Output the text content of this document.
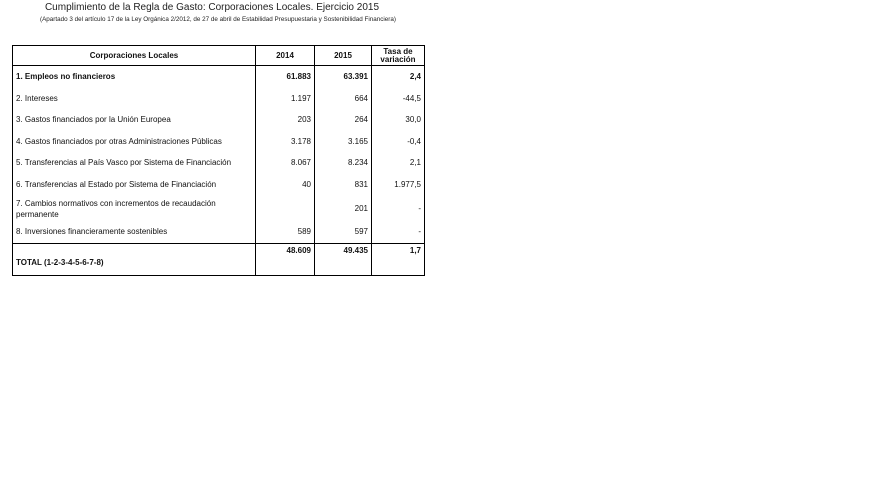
Cumplimiento de la Regla de Gasto: Corporaciones Locales. Ejercicio 2015
(Apartado 3 del artículo 17 de la Ley Orgánica 2/2012, de 27 de abril de Estabilidad Presupuestaria y Sostenibilidad Financiera)
Corporaciones Locales	2014	2015	Tasa de variación
1. Empleos no financieros	61.883	63.391	2,4
2. Intereses	1.197	664	-44,5
3. Gastos financiados por la Unión Europea	203	264	30,0
4. Gastos financiados por otras Administraciones Públicas	3.178	3.165	-0,4
5. Transferencias al País Vasco por Sistema de Financiación	8.067	8.234	2,1
6. Transferencias al Estado por Sistema de Financiación	40	831	1.977,5
7. Cambios normativos con incrementos de recaudación permanente		201	-
8. Inversiones financieramente sostenibles	589	597	-
TOTAL (1-2-3-4-5-6-7-8)	48.609	49.435	1,7
